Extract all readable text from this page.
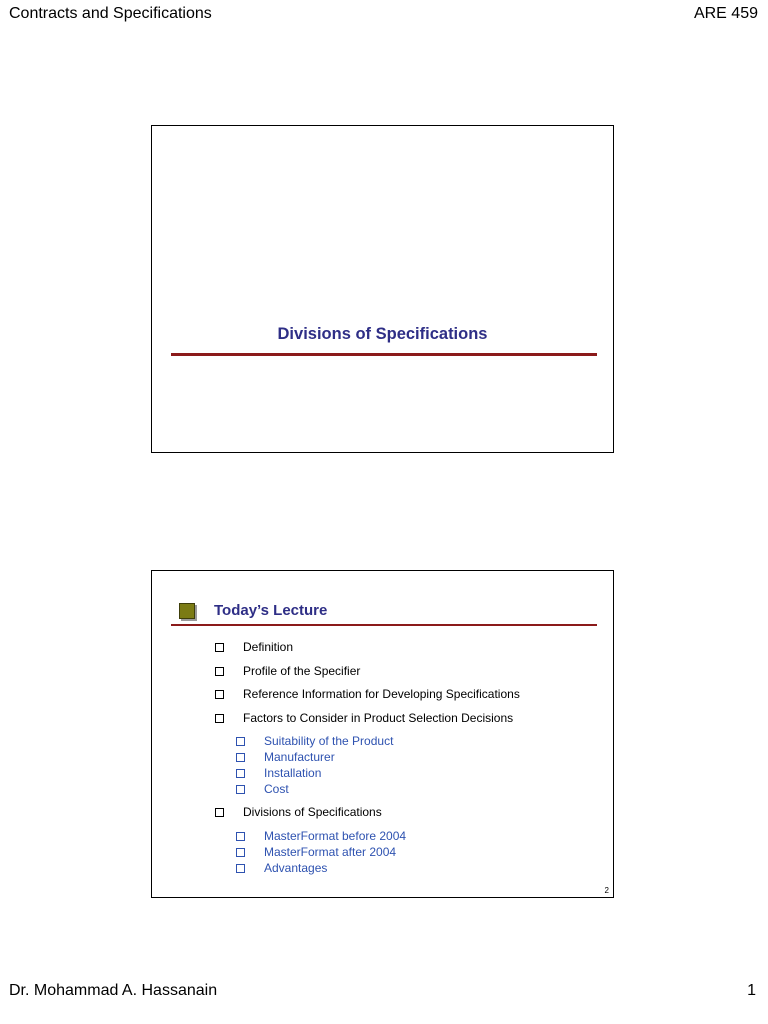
Contracts and Specifications	ARE 459
Divisions of Specifications
Today’s Lecture
Definition
Profile of the Specifier
Reference Information for Developing Specifications
Factors to Consider in Product Selection Decisions
Suitability of the Product
Manufacturer
Installation
Cost
Divisions of Specifications
MasterFormat before 2004
MasterFormat after 2004
Advantages
2
Dr. Mohammad A. Hassanain	1
